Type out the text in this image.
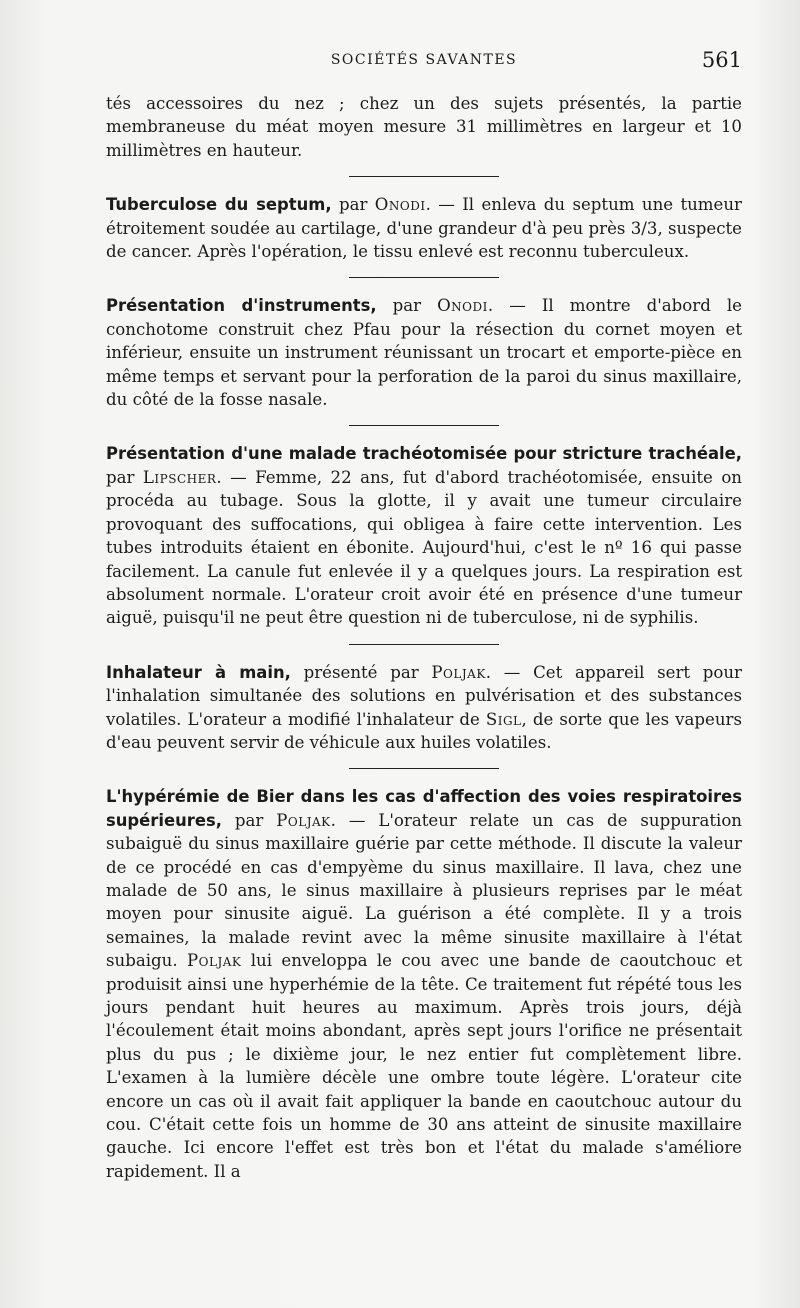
SOCIÉTÉS SAVANTES	561

tés accessoires du nez ; chez un des sujets présentés, la partie membraneuse du méat moyen mesure 31 millimètres en largeur et 10 millimètres en hauteur.

Tuberculose du septum, par Onodi. — Il enleva du septum une tumeur étroitement soudée au cartilage, d'une grandeur d'à peu près 3/3, suspecte de cancer. Après l'opération, le tissu enlevé est reconnu tuberculeux.

Présentation d'instruments, par Onodi. — Il montre d'abord le conchotome construit chez Pfau pour la résection du cornet moyen et inférieur, ensuite un instrument réunissant un trocart et emporte-pièce en même temps et servant pour la perforation de la paroi du sinus maxillaire, du côté de la fosse nasale.

Présentation d'une malade trachéotomisée pour stricture trachéale, par Lipscher. — Femme, 22 ans, fut d'abord trachéotomisée, ensuite on procéda au tubage. Sous la glotte, il y avait une tumeur circulaire provoquant des suffocations, qui obligea à faire cette intervention. Les tubes introduits étaient en ébonite. Aujourd'hui, c'est le nº 16 qui passe facilement. La canule fut enlevée il y a quelques jours. La respiration est absolument normale. L'orateur croit avoir été en présence d'une tumeur aiguë, puisqu'il ne peut être question ni de tuberculose, ni de syphilis.

Inhalateur à main, présenté par Poljak. — Cet appareil sert pour l'inhalation simultanée des solutions en pulvérisation et des substances volatiles. L'orateur a modifié l'inhalateur de Sigl, de sorte que les vapeurs d'eau peuvent servir de véhicule aux huiles volatiles.

L'hypérémie de Bier dans les cas d'affection des voies respiratoires supérieures, par Poljak. — L'orateur relate un cas de suppuration subaiguë du sinus maxillaire guérie par cette méthode. Il discute la valeur de ce procédé en cas d'empyème du sinus maxillaire. Il lava, chez une malade de 50 ans, le sinus maxillaire à plusieurs reprises par le méat moyen pour sinusite aiguë. La guérison a été complète. Il y a trois semaines, la malade revint avec la même sinusite maxillaire à l'état subaigu. Poljak lui enveloppa le cou avec une bande de caoutchouc et produisit ainsi une hyperhémie de la tête. Ce traitement fut répété tous les jours pendant huit heures au maximum. Après trois jours, déjà l'écoulement était moins abondant, après sept jours l'orifice ne présentait plus du pus ; le dixième jour, le nez entier fut complètement libre. L'examen à la lumière décèle une ombre toute légère. L'orateur cite encore un cas où il avait fait appliquer la bande en caoutchouc autour du cou. C'était cette fois un homme de 30 ans atteint de sinusite maxillaire gauche. Ici encore l'effet est très bon et l'état du malade s'améliore rapidement. Il a
